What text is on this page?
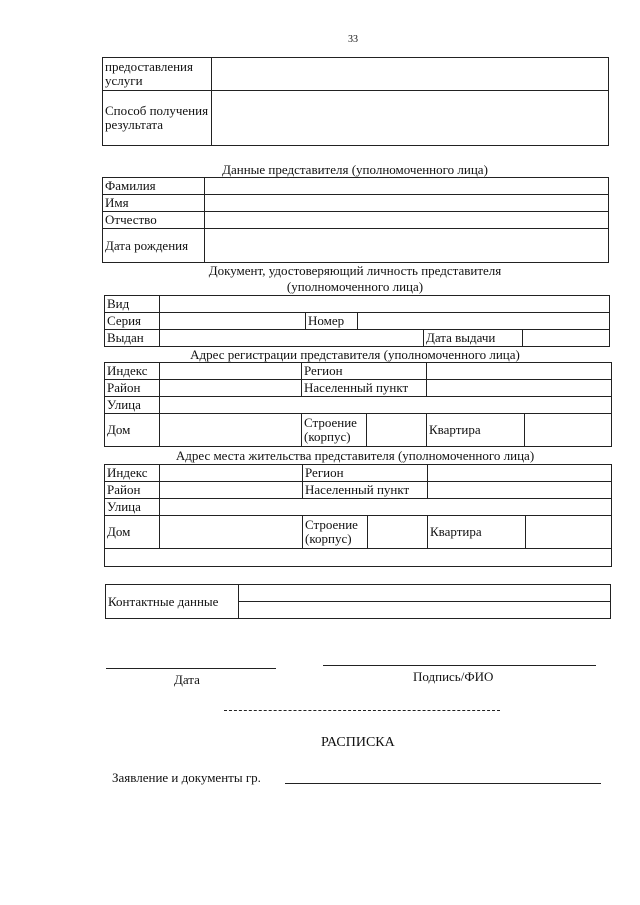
33
предоставления услуги	
Способ получения результата	
Данные представителя (уполномоченного лица)
Фамилия	
Имя	
Отчество	
Дата рождения	
Документ, удостоверяющий личность представителя
(уполномоченного лица)
Вид					
Серия		Номер			
Выдан				Дата выдачи	
Адрес регистрации представителя (уполномоченного лица)
Индекс		Регион			
Район		Населенный пункт			
Улица					
Дом		Строение (корпус)		Квартира	
Адрес места жительства представителя (уполномоченного лица)
Индекс		Регион			
Район		Населенный пункт			
Улица					
Дом		Строение (корпус)		Квартира	

Контактные данные	

Дата	Подпись/ФИО
РАСПИСКА
Заявление и документы гр.
